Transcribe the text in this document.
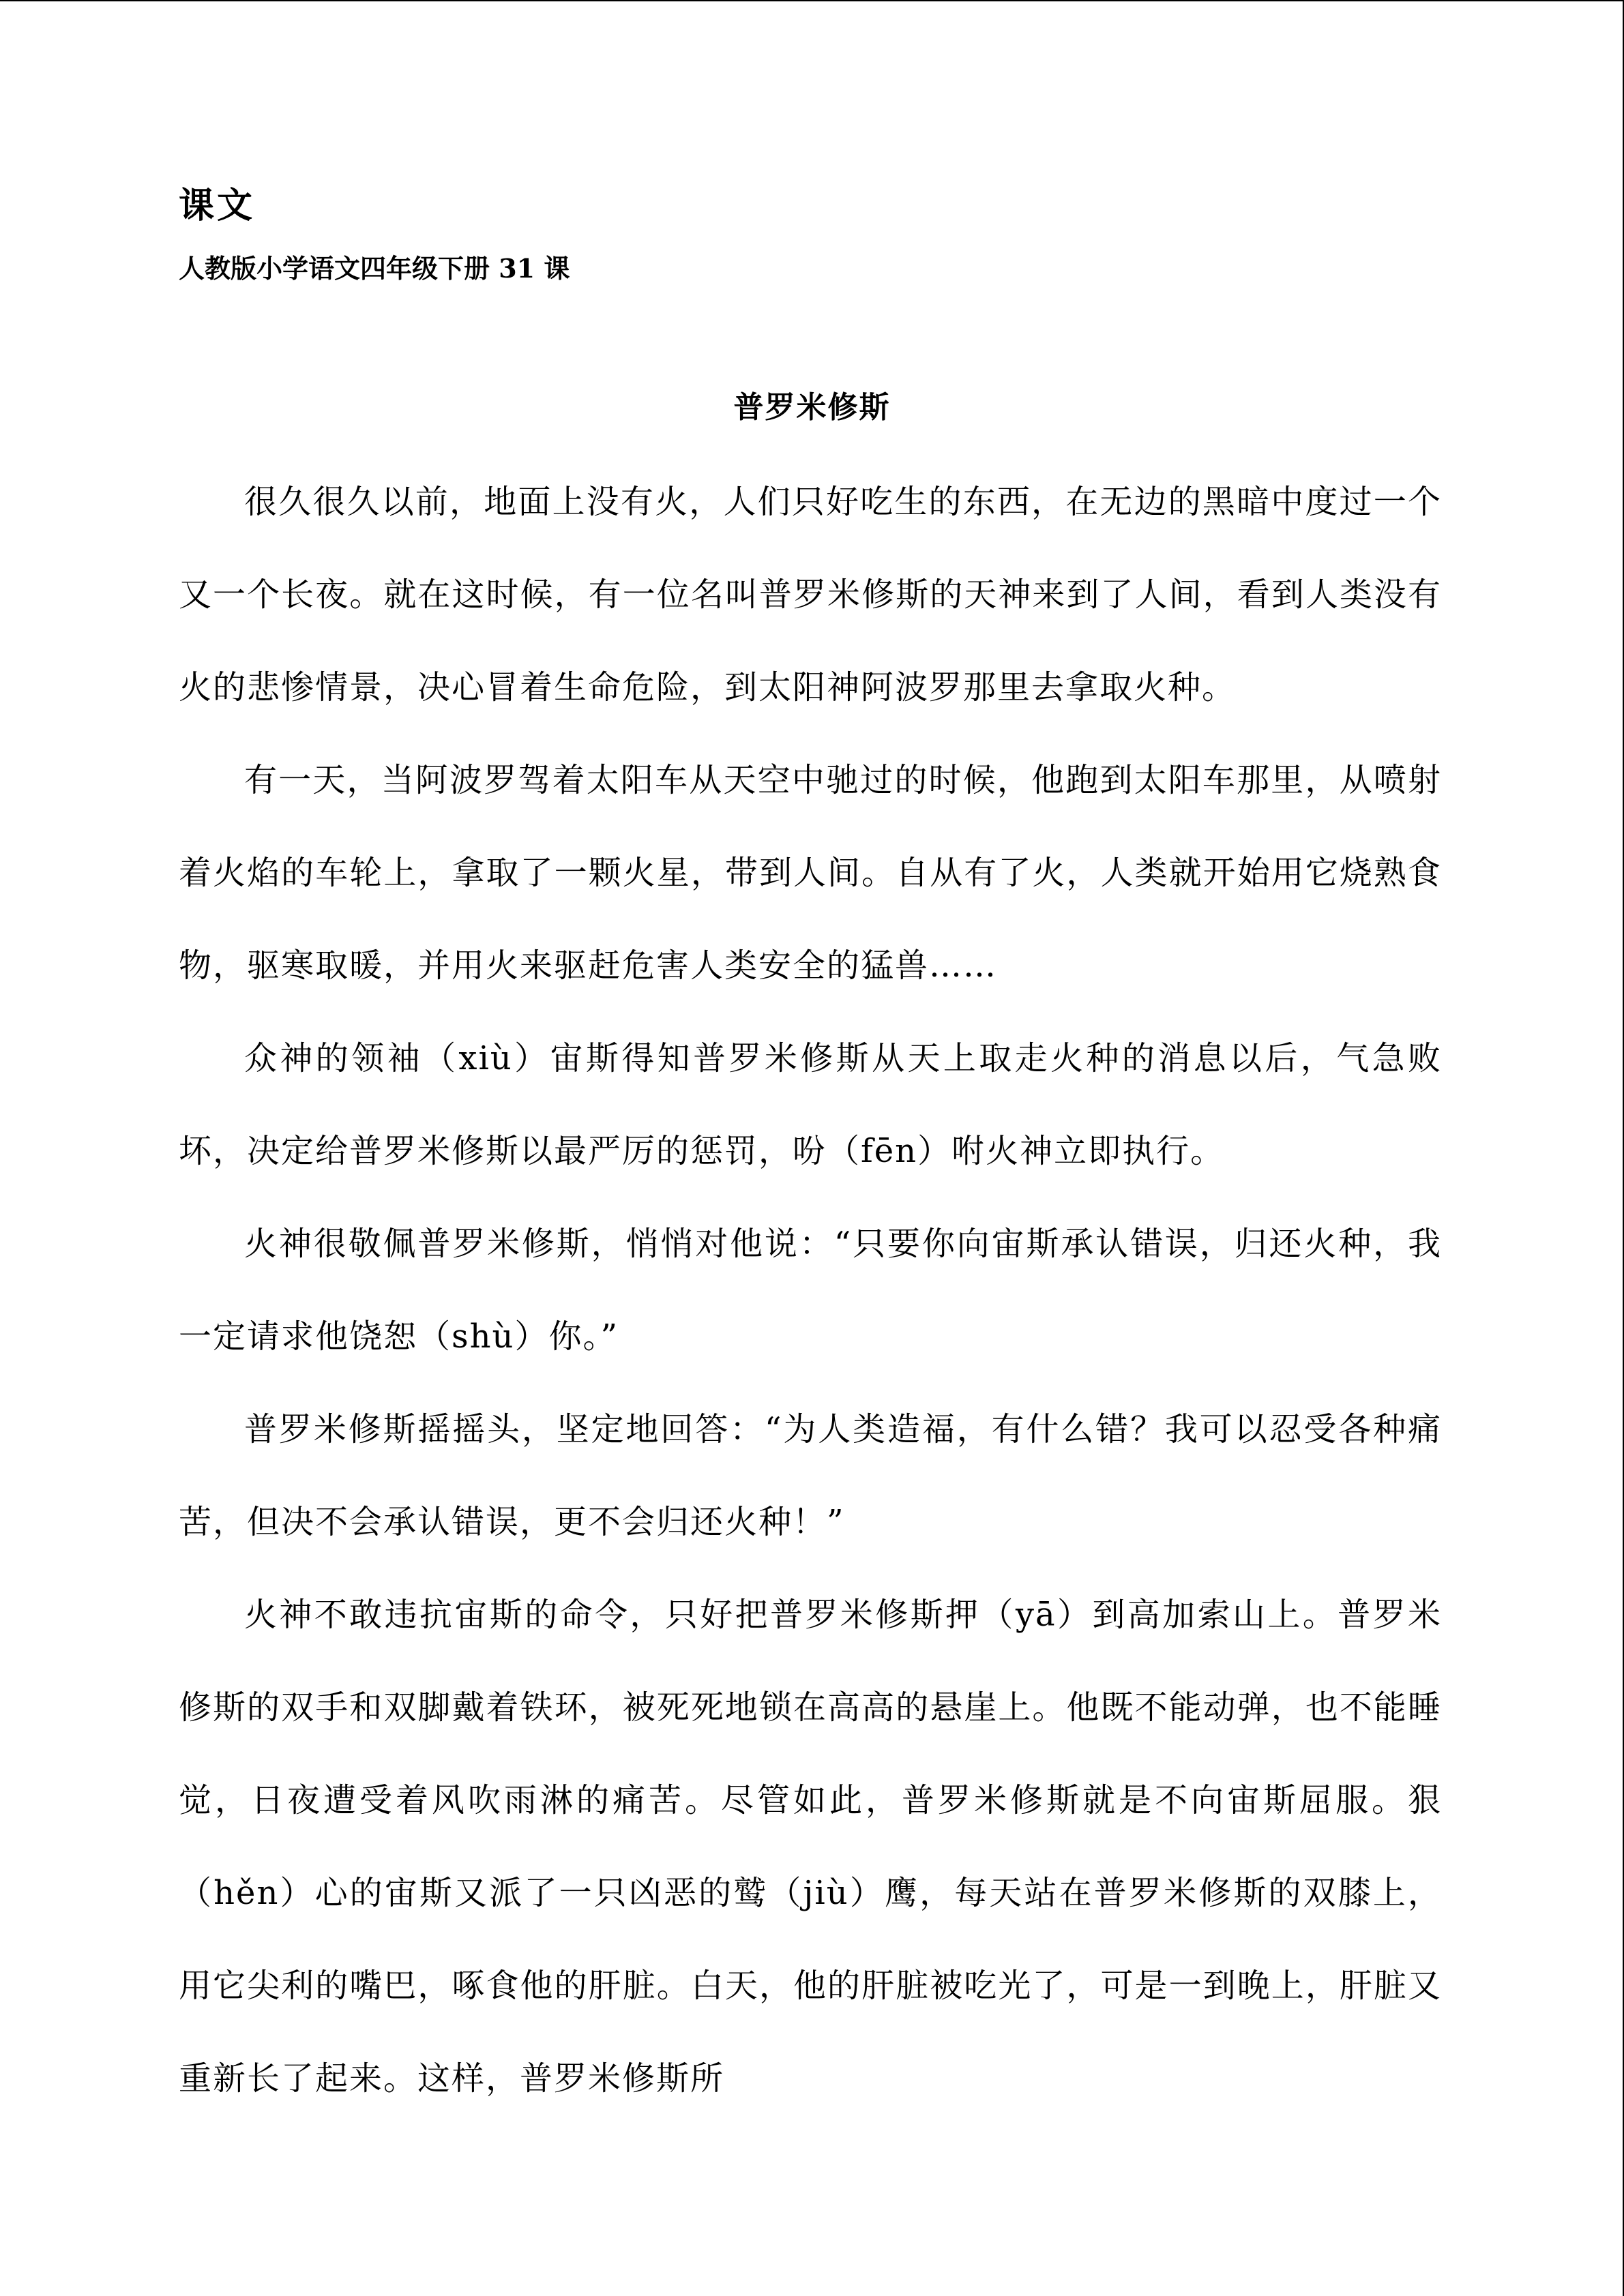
课文
人教版小学语文四年级下册 31 课
普罗米修斯

很久很久以前，地面上没有火，人们只好吃生的东西，在无边的黑暗中度过一个又一个长夜。就在这时候，有一位名叫普罗米修斯的天神来到了人间，看到人类没有火的悲惨情景，决心冒着生命危险，到太阳神阿波罗那里去拿取火种。

有一天，当阿波罗驾着太阳车从天空中驰过的时候，他跑到太阳车那里，从喷射着火焰的车轮上，拿取了一颗火星，带到人间。自从有了火，人类就开始用它烧熟食物，驱寒取暖，并用火来驱赶危害人类安全的猛兽……

众神的领袖（xiù）宙斯得知普罗米修斯从天上取走火种的消息以后，气急败坏，决定给普罗米修斯以最严厉的惩罚，吩（fēn）咐火神立即执行。

火神很敬佩普罗米修斯，悄悄对他说：“只要你向宙斯承认错误，归还火种，我一定请求他饶恕（shù）你。”

普罗米修斯摇摇头，坚定地回答：“为人类造福，有什么错？我可以忍受各种痛苦，但决不会承认错误，更不会归还火种！”

火神不敢违抗宙斯的命令，只好把普罗米修斯押（yā）到高加索山上。普罗米修斯的双手和双脚戴着铁环，被死死地锁在高高的悬崖上。他既不能动弹，也不能睡觉，日夜遭受着风吹雨淋的痛苦。尽管如此，普罗米修斯就是不向宙斯屈服。狠（hěn）心的宙斯又派了一只凶恶的鹫（jiù）鹰，每天站在普罗米修斯的双膝上，用它尖利的嘴巴，啄食他的肝脏。白天，他的肝脏被吃光了，可是一到晚上，肝脏又重新长了起来。这样，普罗米修斯所
